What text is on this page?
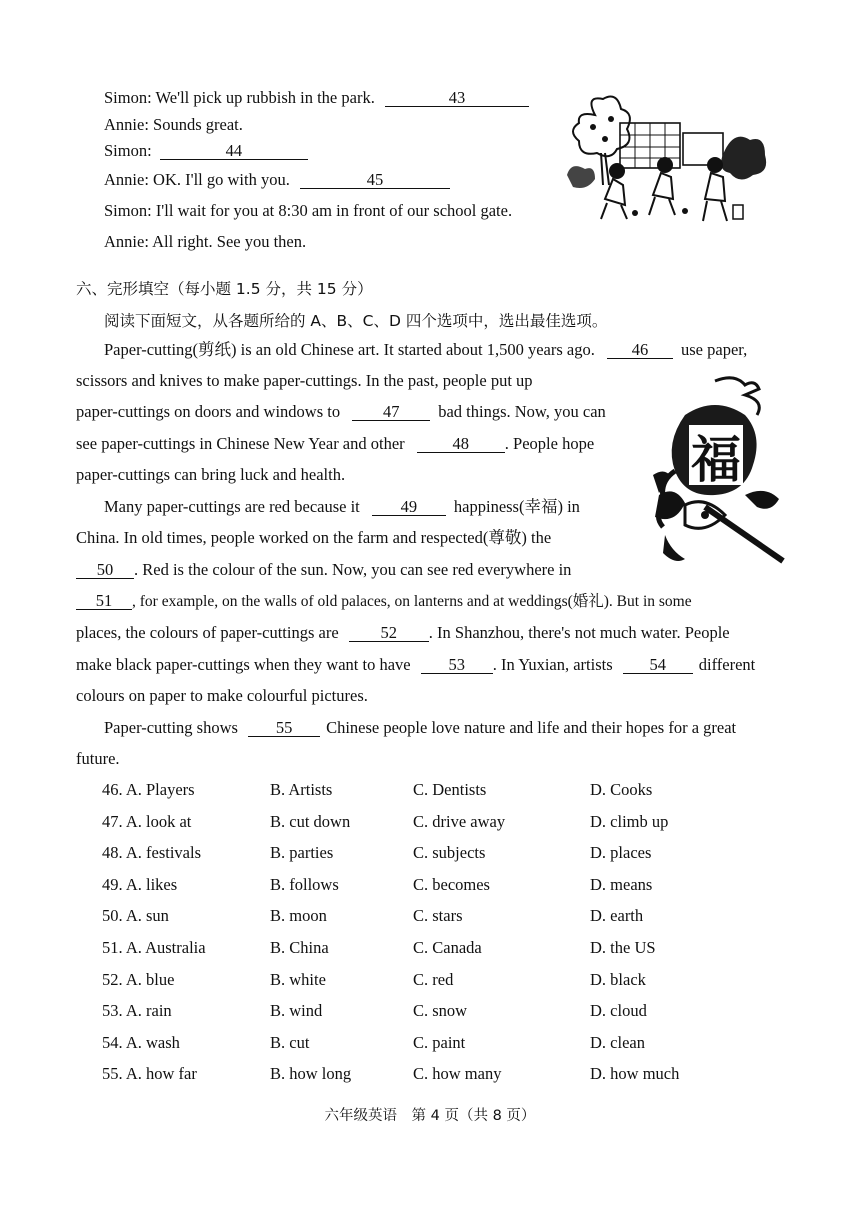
Simon: We'll pick up rubbish in the park.	43
Annie: Sounds great.
Simon:	44
Annie: OK. I'll go with you.	45
Simon: I'll wait for you at 8:30 am in front of our school gate.
Annie: All right. See you then.
六、完形填空（每小题 1.5 分，共 15 分）
阅读下面短文，从各题所给的 A、B、C、D 四个选项中，选出最佳选项。
Paper-cutting(剪纸) is an old Chinese art. It started about 1,500 years ago. 46 use paper,
scissors and knives to make paper-cuttings. In the past, people put up
paper-cuttings on doors and windows to	47 bad things. Now, you can
see paper-cuttings in Chinese New Year and other	48 . People hope
paper-cuttings can bring luck and health.
Many paper-cuttings are red because it 49 happiness(幸福) in
China. In old times, people worked on the farm and respected(尊敬) the
50 . Red is the colour of the sun. Now, you can see red everywhere in
51 , for example, on the walls of old palaces, on lanterns and at weddings(婚礼). But in some
places, the colours of paper-cuttings are	52 . In Shanzhou, there's not much water. People
make black paper-cuttings when they want to have 53 . In Yuxian, artists 54 different
colours on paper to make colourful pictures.
Paper-cutting shows 55 Chinese people love nature and life and their hopes for a great
future.
福
46. A. Players	B. Artists	C. Dentists	D. Cooks
47. A. look at	B. cut down	C. drive away	D. climb up
48. A. festivals	B. parties	C. subjects	D. places
49. A. likes	B. follows	C. becomes	D. means
50. A. sun	B. moon	C. stars	D. earth
51. A. Australia	B. China	C. Canada	D. the US
52. A. blue	B. white	C. red	D. black
53. A. rain	B. wind	C. snow	D. cloud
54. A. wash	B. cut	C. paint	D. clean
55. A. how far	B. how long	C. how many	D. how much
六年级英语　第 4 页（共 8 页）
